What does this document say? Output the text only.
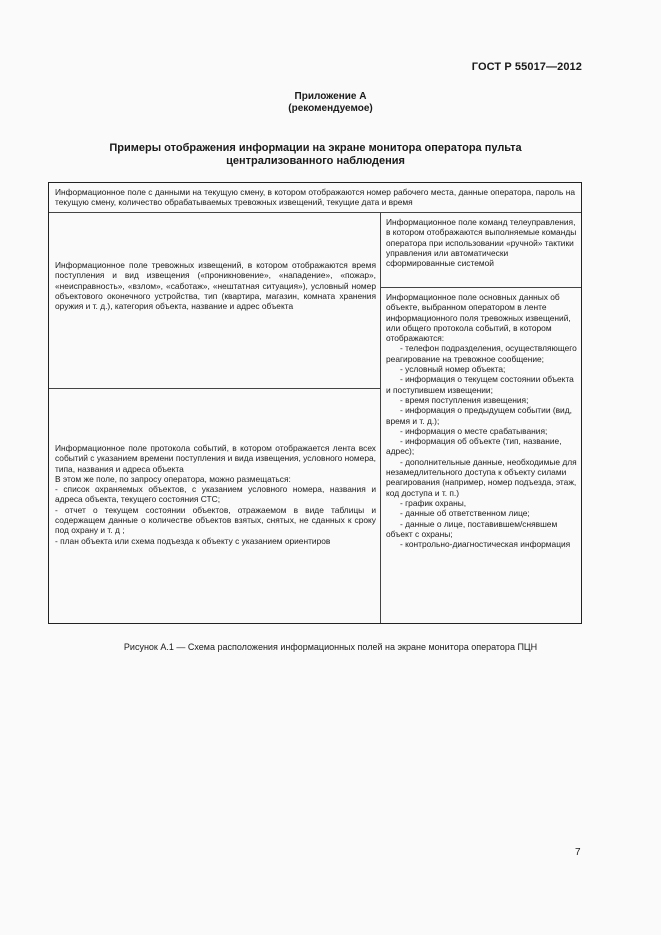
ГОСТ Р 55017—2012
Приложение А
(рекомендуемое)
Примеры отображения информации на экране монитора оператора пульта централизованного наблюдения
Информационное поле с данными на текущую смену, в котором отображаются номер рабочего места, данные оператора, пароль на текущую смену, количество обрабатываемых тревожных извещений, текущие дата и время
Информационное поле тревожных извещений, в котором отображаются время поступления и вид извещения («проникновение», «нападение», «пожар», «неисправность», «взлом», «саботаж», «нештатная ситуация»), условный номер объектового оконечного устройства, тип (квартира, магазин, комната хранения оружия и т. д.), категория объекта, название и адрес объекта
Информационное поле протокола событий, в котором отображается лента всех событий с указанием времени поступления и вида извещения, условного номера, типа, названия и адреса объекта
В этом же поле, по запросу оператора, можно размещаться:
- список охраняемых объектов, с указанием условного номера, названия и адреса объекта, текущего состояния СТС;
- отчет о текущем состоянии объектов, отражаемом в виде таблицы и содержащем данные о количестве объектов взятых, снятых, не сданных к сроку под охрану и т. д ;
- план объекта или схема подъезда к объекту с указанием ориентиров
Информационное поле команд телеуправления, в котором отображаются выполняемые команды оператора при использовании «ручной» тактики управления или автоматически сформированные системой
Информационное поле основных данных об объекте, выбранном оператором в ленте информационного поля тревожных извещений, или общего протокола событий, в котором отображаются:
- телефон подразделения, осуществляющего реагирование на тревожное сообщение;
- условный номер объекта;
- информация о текущем состоянии объекта и поступившем извещении;
- время поступления извещения;
- информация о предыдущем событии (вид, время и т. д.);
- информация о месте срабатывания;
- информация об объекте (тип, название, адрес);
- дополнительные данные, необходимые для незамедлительного доступа к объекту силами реагирования (например, номер подъезда, этаж, код доступа и т. п.)
- график охраны,
- данные об ответственном лице;
- данные о лице, поставившем/снявшем объект с охраны;
- контрольно-диагностическая информация
Рисунок А.1 — Схема расположения информационных полей на экране монитора оператора ПЦН
7
